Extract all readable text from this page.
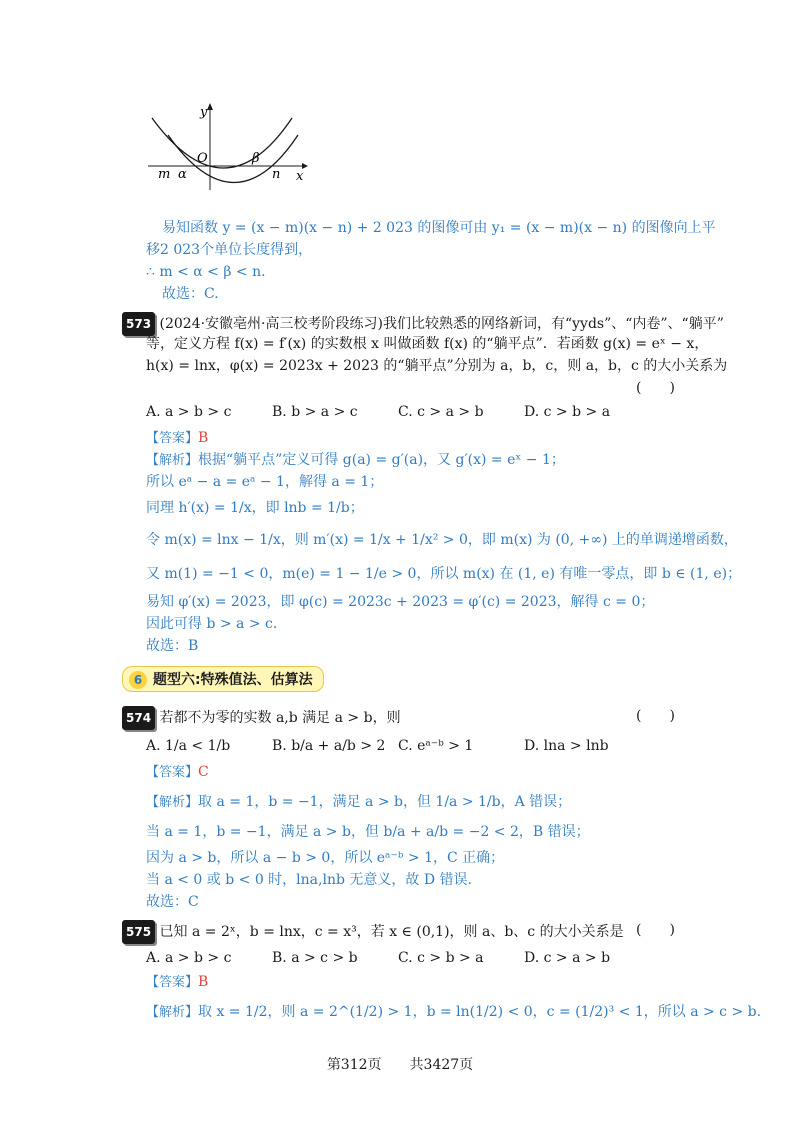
y
x
O
α
β
m	n
易知函数 y = (x − m)(x − n) + 2 023 的图像可由 y₁ = (x − m)(x − n) 的图像向上平
移2 023个单位长度得到，
∴ m < α < β < n.
故选：C.
573 (2024·安徽亳州·高三校考阶段练习)我们比较熟悉的网络新词，有“yyds”、“内卷”、“躺平”
等，定义方程 f(x) = f′(x) 的实数根 x 叫做函数 f(x) 的“躺平点”．若函数 g(x) = eˣ − x，
h(x) = lnx，φ(x) = 2023x + 2023 的“躺平点”分别为 a，b，c，则 a，b，c 的大小关系为
(　　)
A. a > b > c	B. b > a > c	C. c > a > b	D. c > b > a
【答案】B
【解析】根据“躺平点”定义可得 g(a) = g′(a)，又 g′(x) = eˣ − 1；
所以 eᵃ − a = eᵃ − 1，解得 a = 1；
同理 h′(x) = 1/x，即 lnb = 1/b；
令 m(x) = lnx − 1/x，则 m′(x) = 1/x + 1/x² > 0，即 m(x) 为 (0, +∞) 上的单调递增函数，
又 m(1) = −1 < 0，m(e) = 1 − 1/e > 0，所以 m(x) 在 (1, e) 有唯一零点，即 b ∈ (1, e)；
易知 φ′(x) = 2023，即 φ(c) = 2023c + 2023 = φ′(c) = 2023，解得 c = 0；
因此可得 b > a > c.
故选：B
6 题型六:特殊值法、估算法
574 若都不为零的实数 a,b 满足 a > b，则	(　　)
A. 1/a < 1/b	B. b/a + a/b > 2 C. eᵃ⁻ᵇ > 1	D. lna > lnb
【答案】C
【解析】取 a = 1，b = −1，满足 a > b，但 1/a > 1/b，A 错误；
当 a = 1，b = −1，满足 a > b，但 b/a + a/b = −2 < 2，B 错误；
因为 a > b，所以 a − b > 0，所以 eᵃ⁻ᵇ > 1，C 正确；
当 a < 0 或 b < 0 时，lna,lnb 无意义，故 D 错误.
故选：C
575 已知 a = 2ˣ，b = lnx，c = x³，若 x ∈ (0,1)，则 a、b、c 的大小关系是 (　　)
A. a > b > c	B. a > c > b	C. c > b > a	D. c > a > b
【答案】B
【解析】取 x = 1/2，则 a = 2^(1/2) > 1，b = ln(1/2) < 0，c = (1/2)³ < 1，所以 a > c > b.
第312页　　共3427页
